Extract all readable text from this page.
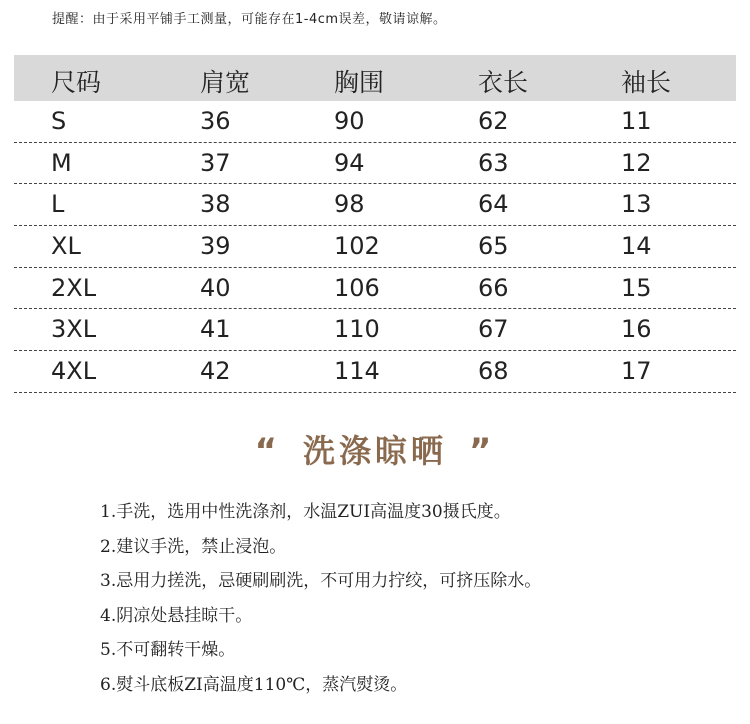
提醒：由于采用平铺手工测量，可能存在1-4cm误差，敬请谅解。
尺码	肩宽	胸围	衣长	袖长
S	36	90	62	11
M	37	94	63	12
L	38	98	64	13
XL	39	102	65	14
2XL	40	106	66	15
3XL	41	110	67	16
4XL	42	114	68	17
“ 洗涤晾晒 ”
1.手洗，选用中性洗涤剂，水温ZUI高温度30摄氏度。
2.建议手洗，禁止浸泡。
3.忌用力搓洗，忌硬刷刷洗，不可用力拧绞，可挤压除水。
4.阴凉处悬挂晾干。
5.不可翻转干燥。
6.熨斗底板ZI高温度110℃，蒸汽熨烫。
